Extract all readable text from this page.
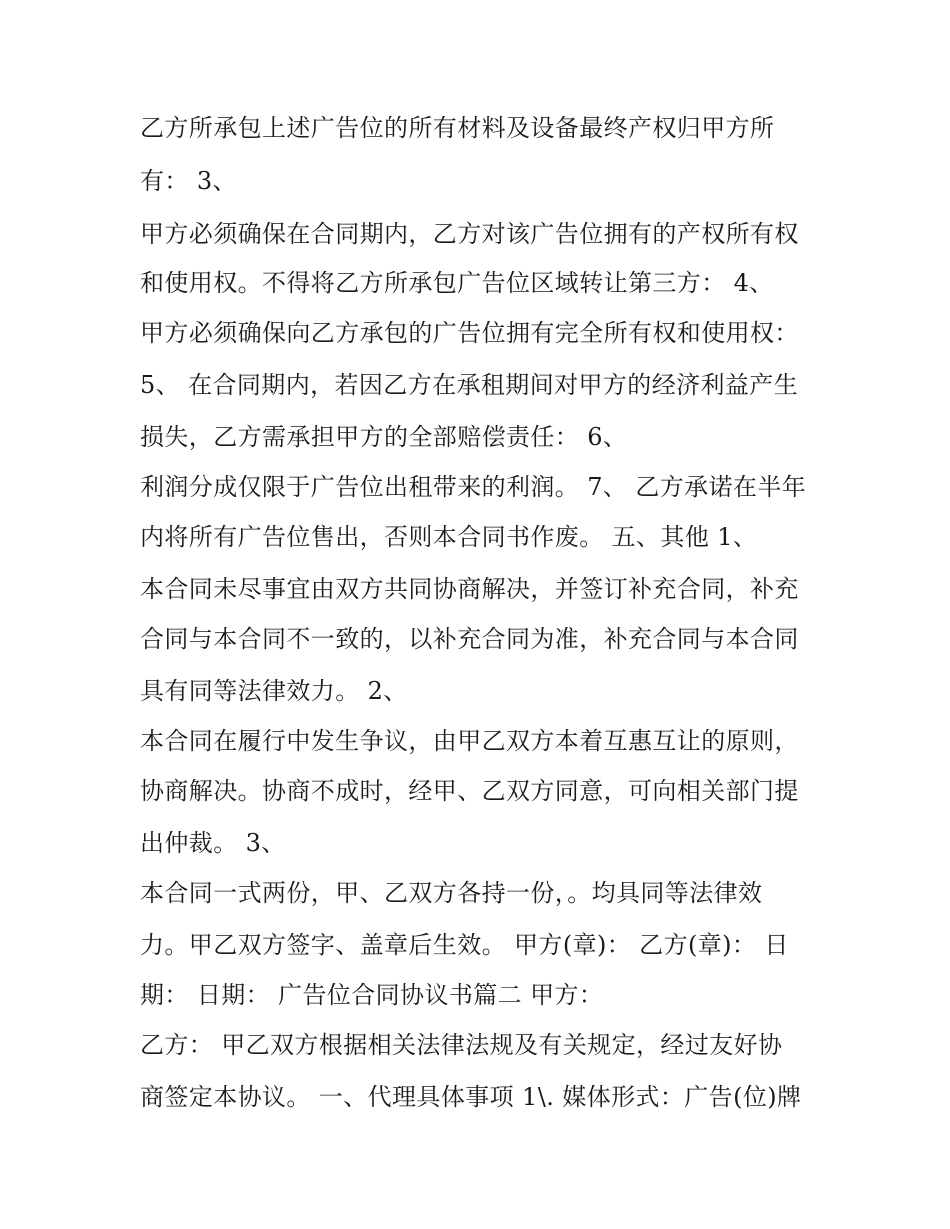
乙方所承包上述广告位的所有材料及设备最终产权归甲方所
有： 3、
甲方必须确保在合同期内，乙方对该广告位拥有的产权所有权
和使用权。不得将乙方所承包广告位区域转让第三方： 4、
甲方必须确保向乙方承包的广告位拥有完全所有权和使用权：
5、 在合同期内，若因乙方在承租期间对甲方的经济利益产生
损失，乙方需承担甲方的全部赔偿责任： 6、
利润分成仅限于广告位出租带来的利润。 7、 乙方承诺在半年
内将所有广告位售出，否则本合同书作废。 五、其他 1、
本合同未尽事宜由双方共同协商解决，并签订补充合同，补充
合同与本合同不一致的，以补充合同为准，补充合同与本合同
具有同等法律效力。 2、
本合同在履行中发生争议，由甲乙双方本着互惠互让的原则，
协商解决。协商不成时，经甲、乙双方同意，可向相关部门提
出仲裁。 3、
本合同一式两份，甲、乙双方各持一份，。均具同等法律效
力。甲乙双方签字、盖章后生效。 甲方(章)： 乙方(章)： 日
期： 日期： 广告位合同协议书篇二 甲方：
乙方： 甲乙双方根据相关法律法规及有关规定，经过友好协
商签定本协议。 一、代理具体事项 1\. 媒体形式：广告(位)牌
